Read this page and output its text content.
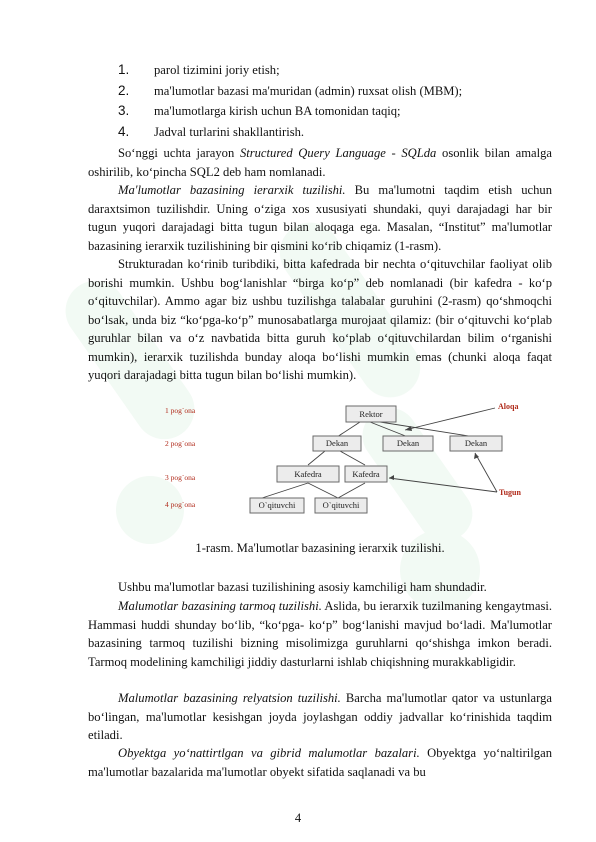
1.	parol tizimini joriy etish;
2.	ma'lumotlar bazasi ma'muridan (admin) ruxsat olish (MBM);
3.	ma'lumotlarga kirish uchun BA tomonidan taqiq;
4.	Jadval turlarini shakllantirish.

So‘nggi uchta jarayon Structured Query Language - SQLda osonlik bilan amalga oshirilib, ko‘pincha SQL2 deb ham nomlanadi.

Ma'lumotlar bazasining ierarxik tuzilishi. Bu ma'lumotni taqdim etish uchun daraxtsimon tuzilishdir. Uning o‘ziga xos xususiyati shundaki, quyi darajadagi har bir tugun yuqori darajadagi bitta tugun bilan aloqaga ega. Masalan, “Institut” ma'lumotlar bazasining ierarxik tuzilishining bir qismini ko‘rib chiqamiz (1-rasm).

Strukturadan ko‘rinib turibdiki, bitta kafedrada bir nechta o‘qituvchilar faoliyat olib borishi mumkin. Ushbu bog‘lanishlar “birga ko‘p” deb nomlanadi (bir kafedra - ko‘p o‘qituvchilar). Ammo agar biz ushbu tuzilishga talabalar guruhini (2-rasm) qo‘shmoqchi bo‘lsak, unda biz “ko‘pga-ko‘p” munosabatlarga murojaat qilamiz: (bir o‘qituvchi ko‘plab guruhlar bilan va o‘z navbatida bitta guruh ko‘plab o‘qituvchilardan bilim o‘rganishi mumkin), ierarxik tuzilishda bunday aloqa bo‘lishi mumkin emas (chunki aloqa faqat yuqori darajadagi bitta tugun bilan bo‘lishi mumkin).

1 pog`ona
2 pog`ona
3 pog`ona
4 pog`ona
Rektor
Dekan	Dekan	Dekan
Kafedra	Kafedra
O`qituvchi	O`qituvchi
Aloqa
Tugun
1-rasm. Ma'lumotlar bazasining ierarxik tuzilishi.

Ushbu ma'lumotlar bazasi tuzilishining asosiy kamchiligi ham shundadir.

Malumotlar bazasining tarmoq tuzilishi. Aslida, bu ierarxik tuzilmaning kengaytmasi. Hammasi huddi shunday bo‘lib, “ko‘pga- ko‘p” bog‘lanishi mavjud bo‘ladi. Ma'lumotlar bazasining tarmoq tuzilishi bizning misolimizga guruhlarni qo‘shishga imkon beradi. Tarmoq modelining kamchiligi jiddiy dasturlarni ishlab chiqishning murakkabligidir.

Malumotlar bazasining relyatsion tuzilishi. Barcha ma'lumotlar qator va ustunlarga bo‘lingan, ma'lumotlar kesishgan joyda joylashgan oddiy jadvallar ko‘rinishida taqdim etiladi.

Obyektga yo‘nattirtlgan va gibrid malumotlar bazalari. Obyektga yo‘naltirilgan ma'lumotlar bazalarida ma'lumotlar obyekt sifatida saqlanadi va bu

4
